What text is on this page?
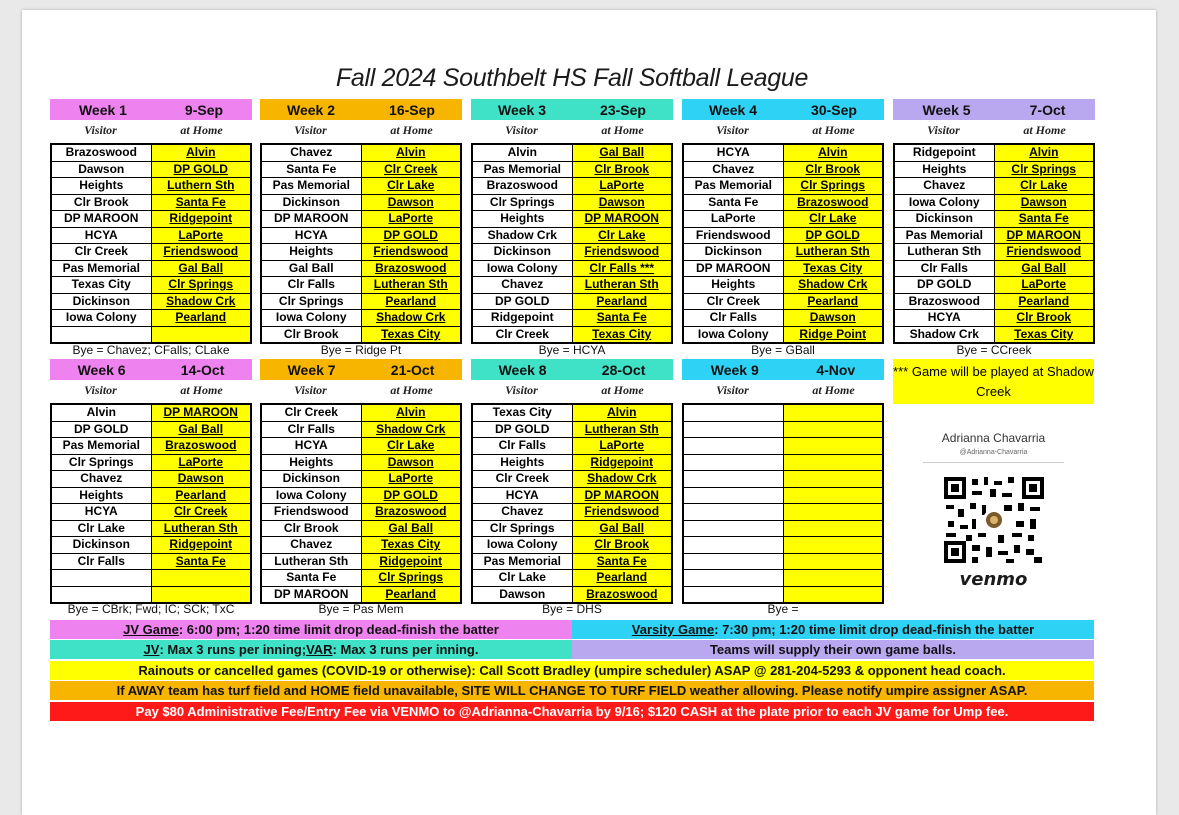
Fall 2024 Southbelt HS Fall Softball League
Week 1	9-Sep
Visitor	at Home
Brazoswood	Alvin
Dawson	DP GOLD
Heights	Luthern Sth
Clr Brook	Santa Fe
DP MAROON	Ridgepoint
HCYA	LaPorte
Clr Creek	Friendswood
Pas Memorial	Gal Ball
Texas City	Clr Springs
Dickinson	Shadow Crk
Iowa Colony	Pearland

Bye = Chavez; CFalls; CLake
Week 2	16-Sep
Visitor	at Home
Chavez	Alvin
Santa Fe	Clr Creek
Pas Memorial	Clr Lake
Dickinson	Dawson
DP MAROON	LaPorte
HCYA	DP GOLD
Heights	Friendswood
Gal Ball	Brazoswood
Clr Falls	Lutheran Sth
Clr Springs	Pearland
Iowa Colony	Shadow Crk
Clr Brook	Texas City
Bye = Ridge Pt
Week 3	23-Sep
Visitor	at Home
Alvin	Gal Ball
Pas Memorial	Clr Brook
Brazoswood	LaPorte
Clr Springs	Dawson
Heights	DP MAROON
Shadow Crk	Clr Lake
Dickinson	Friendswood
Iowa Colony	Clr Falls ***
Chavez	Lutheran Sth
DP GOLD	Pearland
Ridgepoint	Santa Fe
Clr Creek	Texas City
Bye = HCYA
Week 4	30-Sep
Visitor	at Home
HCYA	Alvin
Chavez	Clr Brook
Pas Memorial	Clr Springs
Santa Fe	Brazoswood
LaPorte	Clr Lake
Friendswood	DP GOLD
Dickinson	Lutheran Sth
DP MAROON	Texas City
Heights	Shadow Crk
Clr Creek	Pearland
Clr Falls	Dawson
Iowa Colony	Ridge Point
Bye = GBall
Week 5	7-Oct
Visitor	at Home
Ridgepoint	Alvin
Heights	Clr Springs
Chavez	Clr Lake
Iowa Colony	Dawson
Dickinson	Santa Fe
Pas Memorial	DP MAROON
Lutheran Sth	Friendswood
Clr Falls	Gal Ball
DP GOLD	LaPorte
Brazoswood	Pearland
HCYA	Clr Brook
Shadow Crk	Texas City
Bye = CCreek
Week 6	14-Oct
Visitor	at Home
Alvin	DP MAROON
DP GOLD	Gal Ball
Pas Memorial	Brazoswood
Clr Springs	LaPorte
Chavez	Dawson
Heights	Pearland
HCYA	Clr Creek
Clr Lake	Lutheran Sth
Dickinson	Ridgepoint
Clr Falls	Santa Fe

Bye = CBrk; Fwd; IC; SCk; TxC
Week 7	21-Oct
Visitor	at Home
Clr Creek	Alvin
Clr Falls	Shadow Crk
HCYA	Clr Lake
Heights	Dawson
Dickinson	LaPorte
Iowa Colony	DP GOLD
Friendswood	Brazoswood
Clr Brook	Gal Ball
Chavez	Texas City
Lutheran Sth	Ridgepoint
Santa Fe	Clr Springs
DP MAROON	Pearland
Bye = Pas Mem
Week 8	28-Oct
Visitor	at Home
Texas City	Alvin
DP GOLD	Lutheran Sth
Clr Falls	LaPorte
Heights	Ridgepoint
Clr Creek	Shadow Crk
HCYA	DP MAROON
Chavez	Friendswood
Clr Springs	Gal Ball
Iowa Colony	Clr Brook
Pas Memorial	Santa Fe
Clr Lake	Pearland
Dawson	Brazoswood
Bye = DHS
Week 9	4-Nov
Visitor	at Home

Bye =
*** Game will be played at Shadow Creek
Adrianna Chavarria
@Adrianna-Chavarria
venmo
JV Game : 6:00 pm; 1:20 time limit drop dead-finish the batter	Varsity Game : 7:30 pm; 1:20 time limit drop dead-finish the batter
JV : Max 3 runs per inning; VAR : Max 3 runs per inning.	Teams will supply their own game balls.
Rainouts or cancelled games (COVID-19 or otherwise): Call Scott Bradley (umpire scheduler) ASAP @ 281-204-5293 & opponent head coach.
If AWAY team has turf field and HOME field unavailable, SITE WILL CHANGE TO TURF FIELD weather allowing. Please notify umpire assigner ASAP.
Pay $80 Administrative Fee/Entry Fee via VENMO to @Adrianna-Chavarria by 9/16; $120 CASH at the plate prior to each JV game for Ump fee.
